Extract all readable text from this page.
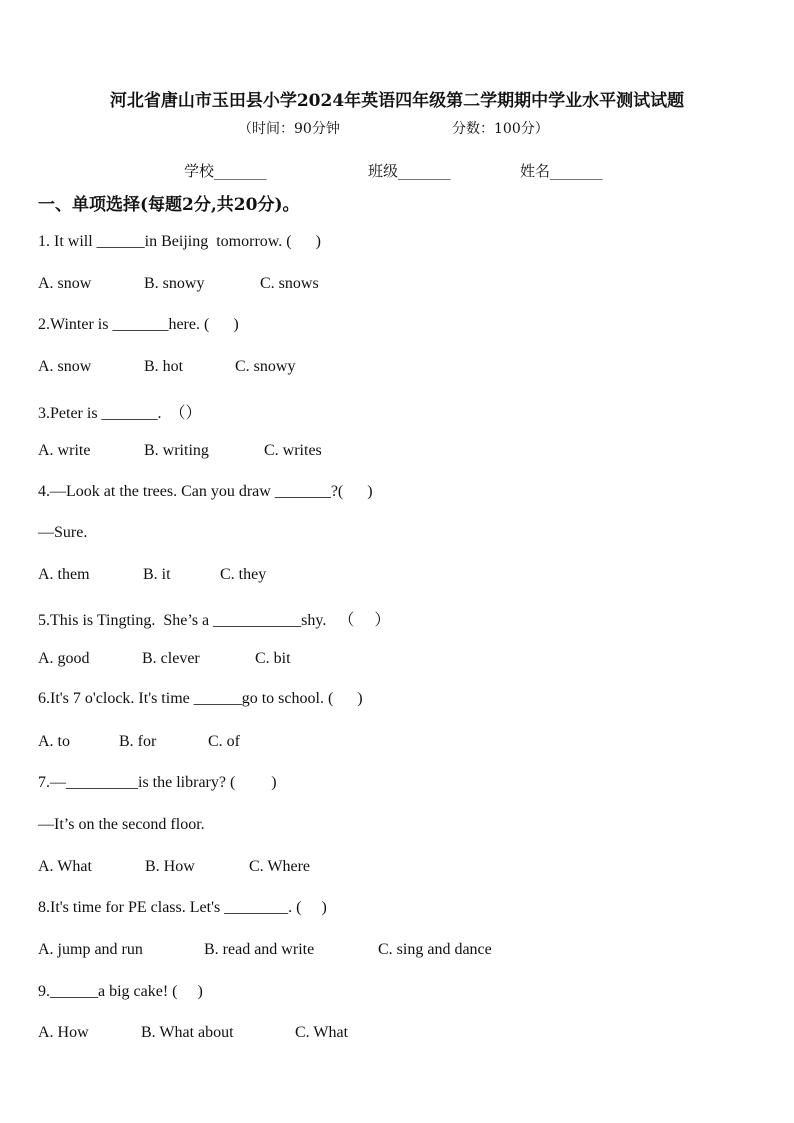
河北省唐山市玉田县小学2024年英语四年级第二学期期中学业水平测试试题
（时间：90分钟	分数：100分）
学校_______	班级_______	姓名_______
一、单项选择(每题2分,共20分)。
1. It will ______in Beijing  tomorrow. (      )
A. snow	B. snowy	C. snows
2.Winter is _______here. (      )
A. snow	B. hot	C. snowy
3.Peter is _______.  （）
A. write	B. writing	C. writes
4.—Look at the trees. Can you draw _______?(      )
—Sure.
A. them	B. it	C. they
5.This is Tingting.  She’s a ___________shy.   （     ）
A. good	B. clever	C. bit
6.It's 7 o'clock. It's time ______go to school. (      )
A. to	B. for	C. of
7.—_________is the library? (         )
—It’s on the second floor.
A. What	B. How	C. Where
8.It's time for PE class. Let's ________. (     )
A. jump and run	B. read and write	C. sing and dance
9.______a big cake! (     )
A. How	B. What about	C. What
